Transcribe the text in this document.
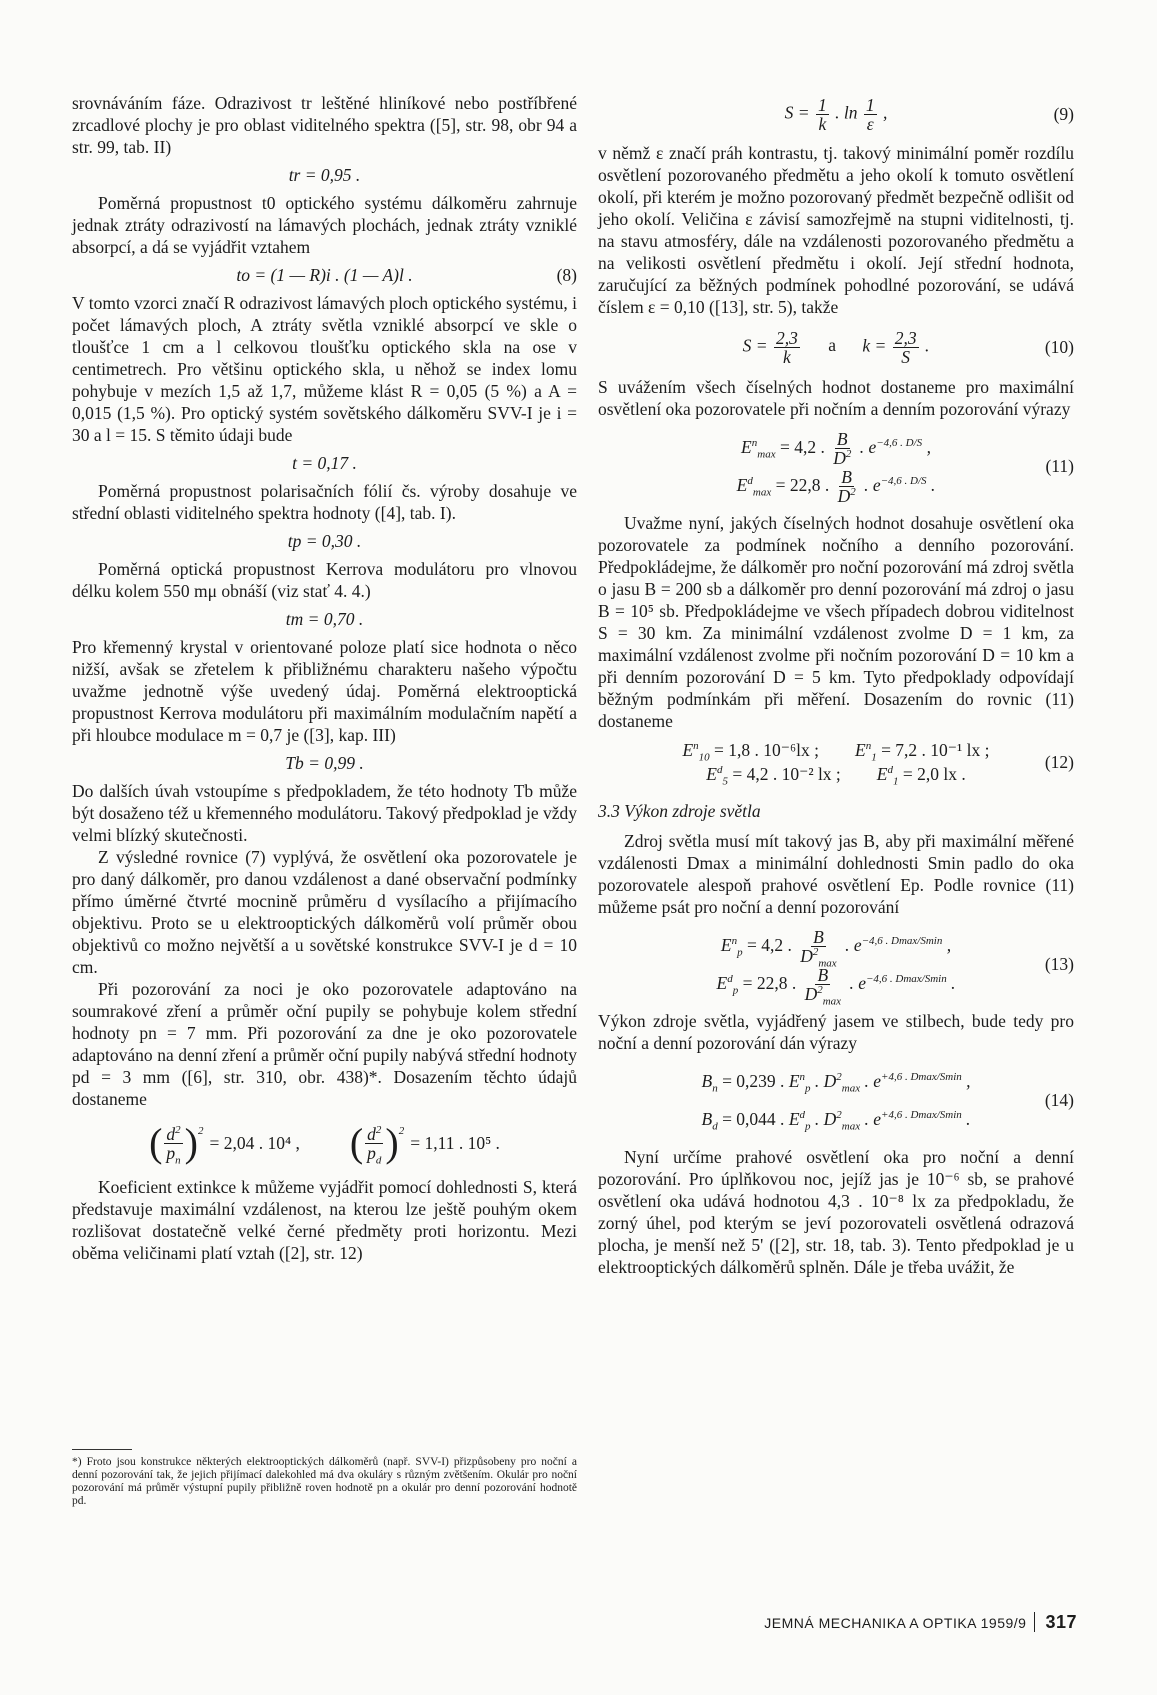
srovnáváním fáze. Odrazivost tr leštěné hliníkové nebo postříbřené zrcadlové plochy je pro oblast viditelného spektra ([5], str. 98, obr 94 a str. 99, tab. II)

tr = 0,95 .

Poměrná propustnost t0 optického systému dálkoměru zahrnuje jednak ztráty odrazivostí na lámavých plochách, jednak ztráty vzniklé absorpcí, a dá se vyjádřit vztahem

to = (1 — R)i . (1 — A)l .	(8)

V tomto vzorci značí R odrazivost lámavých ploch optického systému, i počet lámavých ploch, A ztráty světla vzniklé absorpcí ve skle o tloušťce 1 cm a l celkovou tloušťku optického skla na ose v centimetrech. Pro většinu optického skla, u něhož se index lomu pohybuje v mezích 1,5 až 1,7, můžeme klást R = 0,05 (5 %) a A = 0,015 (1,5 %). Pro optický systém sovětského dálkoměru SVV-I je i = 30 a l = 15. S těmito údaji bude

t = 0,17 .

Poměrná propustnost polarisačních fólií čs. výroby dosahuje ve střední oblasti viditelného spektra hodnoty ([4], tab. I).

tp = 0,30 .

Poměrná optická propustnost Kerrova modulátoru pro vlnovou délku kolem 550 mμ obnáší (viz stať 4. 4.)

tm = 0,70 .

Pro křemenný krystal v orientované poloze platí sice hodnota o něco nižší, avšak se zřetelem k přibližnému charakteru našeho výpočtu uvažme jednotně výše uvedený údaj. Poměrná elektrooptická propustnost Kerrova modulátoru při maximálním modulačním napětí a při hloubce modulace m = 0,7 je ([3], kap. III)

Tb = 0,99 .

Do dalších úvah vstoupíme s předpokladem, že této hodnoty Tb může být dosaženo též u křemenného modulátoru. Takový předpoklad je vždy velmi blízký skutečnosti.

Z výsledné rovnice (7) vyplývá, že osvětlení oka pozorovatele je pro daný dálkoměr, pro danou vzdálenost a dané observační podmínky přímo úměrné čtvrté mocnině průměru d vysílacího a přijímacího objektivu. Proto se u elektrooptických dálkoměrů volí průměr obou objektivů co možno největší a u sovětské konstrukce SVV-I je d = 10 cm.

Při pozorování za noci je oko pozorovatele adaptováno na soumrakové zření a průměr oční pupily se pohybuje kolem střední hodnoty pn = 7 mm. Při pozorování za dne je oko pozorovatele adaptováno na denní zření a průměr oční pupily nabývá střední hodnoty pd = 3 mm ([6], str. 310, obr. 438)*. Dosazením těchto údajů dostaneme

( $\frac{d^2}{p_n}$ ) 2
= 2,04 . 10⁴ , ( $\frac{d^2}{p_d}$ ) 2
= 1,11 . 10⁵ .

Koeficient extinkce k můžeme vyjádřit pomocí dohlednosti S, která představuje maximální vzdálenost, na kterou lze ještě pouhým okem rozlišovat dostatečně velké černé předměty proti horizontu. Mezi oběma veličinami platí vztah ([2], str. 12)

*) Froto jsou konstrukce některých elektrooptických dálkoměrů (např. SVV-I) přizpůsobeny pro noční a denní pozorování tak, že jejich přijímací dalekohled má dva okuláry s různým zvětšením. Okulár pro noční pozorování má průměr výstupní pupily přibližně roven hodnotě pn a okulár pro denní pozorování hodnotě pd.
$S = \frac{1}{k}$ . $\ln \frac{1}{\varepsilon}$ ,	(9)

v němž ε značí práh kontrastu, tj. takový minimální poměr rozdílu osvětlení pozorovaného předmětu a jeho okolí k tomuto osvětlení okolí, při kterém je možno pozorovaný předmět bezpečně odlišit od jeho okolí. Veličina ε závisí samozřejmě na stupni viditelnosti, tj. na stavu atmosféry, dále na vzdálenosti pozorovaného předmětu a na velikosti osvětlení předmětu i okolí. Její střední hodnota, zaručující za běžných podmínek pohodlné pozorování, se udává číslem ε = 0,10 ([13], str. 5), takže

$S = \frac{2,3}{k}$ a $k = \frac{2,3}{S}$ .	(10)

S uvážením všech číselných hodnot dostaneme pro maximální osvětlení oka pozorovatele při nočním a denním pozorování výrazy

$E^n_{max} = 4,2$ . $\frac{B}{D^2}$ . $e^{-4,6 . D/S}$ ,
$E^d_{max} = 22,8$ . $\frac{B}{D^2}$ . $e^{-4,6 . D/S}$ .
(11)

Uvažme nyní, jakých číselných hodnot dosahuje osvětlení oka pozorovatele za podmínek nočního a denního pozorování. Předpokládejme, že dálkoměr pro noční pozorování má zdroj světla o jasu B = 200 sb a dálkoměr pro denní pozorování má zdroj o jasu B = 10⁵ sb. Předpokládejme ve všech případech dobrou viditelnost S = 30 km. Za minimální vzdálenost zvolme D = 1 km, za maximální vzdálenost zvolme při nočním pozorování D = 10 km a při denním pozorování D = 5 km. Tyto předpoklady odpovídají běžným podmínkám při měření. Dosazením do rovnic (11) dostaneme

$E^n_{10} = 1,8$ . 10⁻⁶lx ; $E^n_1 = 7,2$ . 10⁻¹ lx ;
$E^d_5 = 4,2$ . 10⁻² lx ; $E^d_1 = 2,0$ lx .
(12)
3.3 Výkon zdroje světla

Zdroj světla musí mít takový jas B, aby při maximální měřené vzdálenosti Dmax a minimální dohlednosti Smin padlo do oka pozorovatele alespoň prahové osvětlení Ep. Podle rovnice (11) můžeme psát pro noční a denní pozorování

$E^n_p = 4,2$ . $\frac{B}{D^2_{max}}$ . $e^{-4,6 . Dmax/Smin}$ ,
$E^d_p = 22,8$ . $\frac{B}{D^2_{max}}$ . $e^{-4,6 . Dmax/Smin}$ .
(13)

Výkon zdroje světla, vyjádřený jasem ve stilbech, bude tedy pro noční a denní pozorování dán výrazy

$B_n = 0,239$ . $E^n_p$ . $D^2_{max}$ . $e^{+4,6 . Dmax/Smin}$ ,
$B_d = 0,044$ . $E^d_p$ . $D^2_{max}$ . $e^{+4,6 . Dmax/Smin}$ .
(14)

Nyní určíme prahové osvětlení oka pro noční a denní pozorování. Pro úplňkovou noc, jejíž jas je 10⁻⁶ sb, se prahové osvětlení oka udává hodnotou 4,3 . 10⁻⁸ lx za předpokladu, že zorný úhel, pod kterým se jeví pozorovateli osvětlená odrazová plocha, je menší než 5' ([2], str. 18, tab. 3). Tento předpoklad je u elektrooptických dálkoměrů splněn. Dále je třeba uvážit, že

JEMNÁ MECHANIKA A OPTIKA 1959/9 317
